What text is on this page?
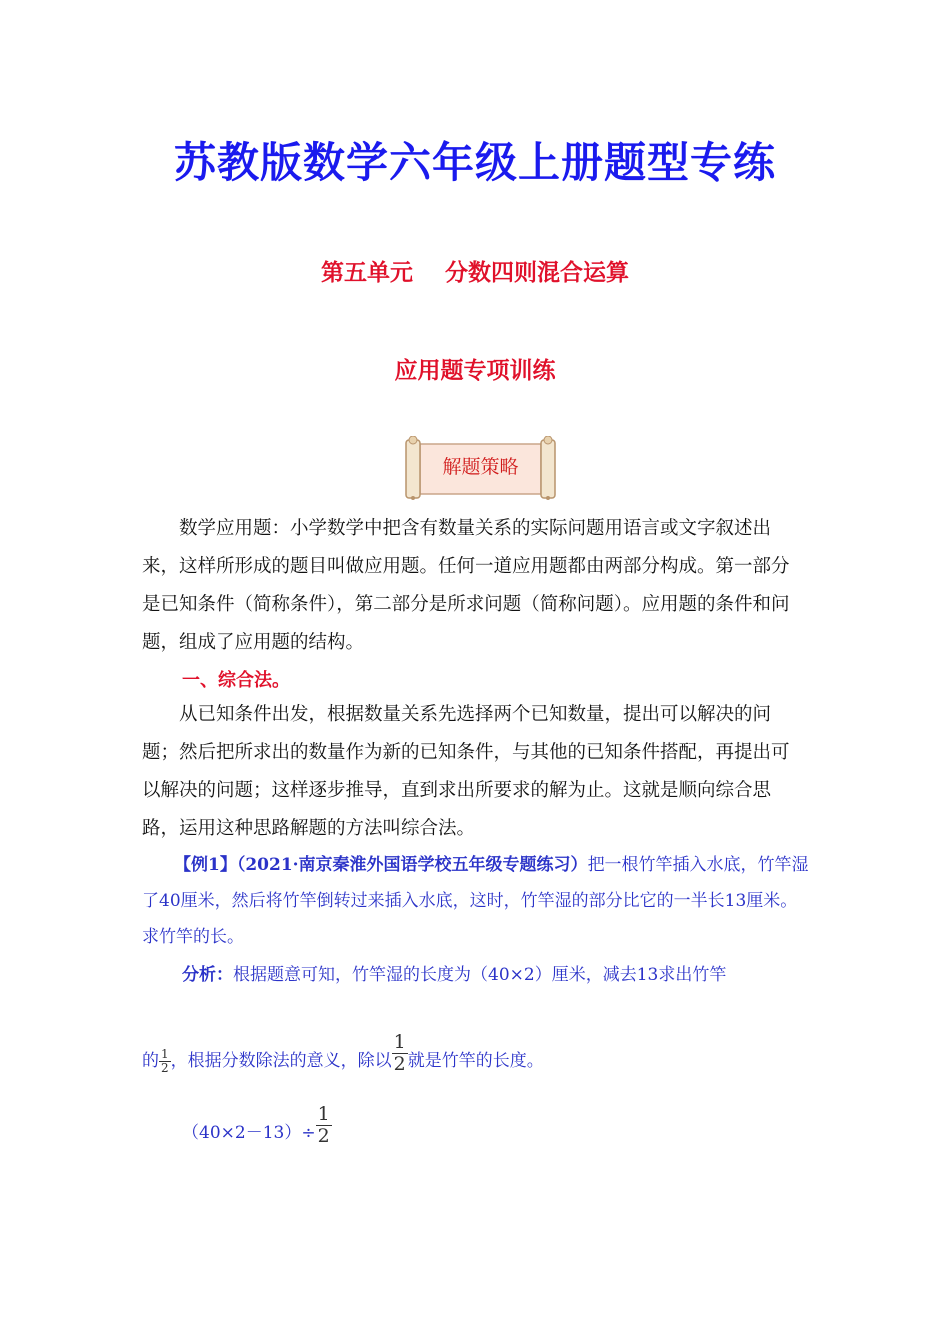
苏教版数学六年级上册题型专练
第五单元    分数四则混合运算
应用题专项训练
解题策略
数学应用题：小学数学中把含有数量关系的实际问题用语言或文字叙述出来，这样所形成的题目叫做应用题。任何一道应用题都由两部分构成。第一部分是已知条件（简称条件），第二部分是所求问题（简称问题）。应用题的条件和问题，组成了应用题的结构。
一、综合法。
从已知条件出发，根据数量关系先选择两个已知数量，提出可以解决的问题；然后把所求出的数量作为新的已知条件，与其他的已知条件搭配，再提出可以解决的问题；这样逐步推导，直到求出所要求的解为止。这就是顺向综合思路，运用这种思路解题的方法叫综合法。
【例1】（2021·南京秦淮外国语学校五年级专题练习）把一根竹竿插入水底，竹竿湿了40厘米，然后将竹竿倒转过来插入水底，这时，竹竿湿的部分比它的一半长13厘米。求竹竿的长。
分析：根据题意可知，竹竿湿的长度为（40×2）厘米，减去13求出竹竿
的 $\frac{1}{2}$ ，根据分数除法的意义，除以 $\frac{1}{2}$ 就是竹竿的长度。
$(40\times 2-13)\div \frac{1}{2}$
